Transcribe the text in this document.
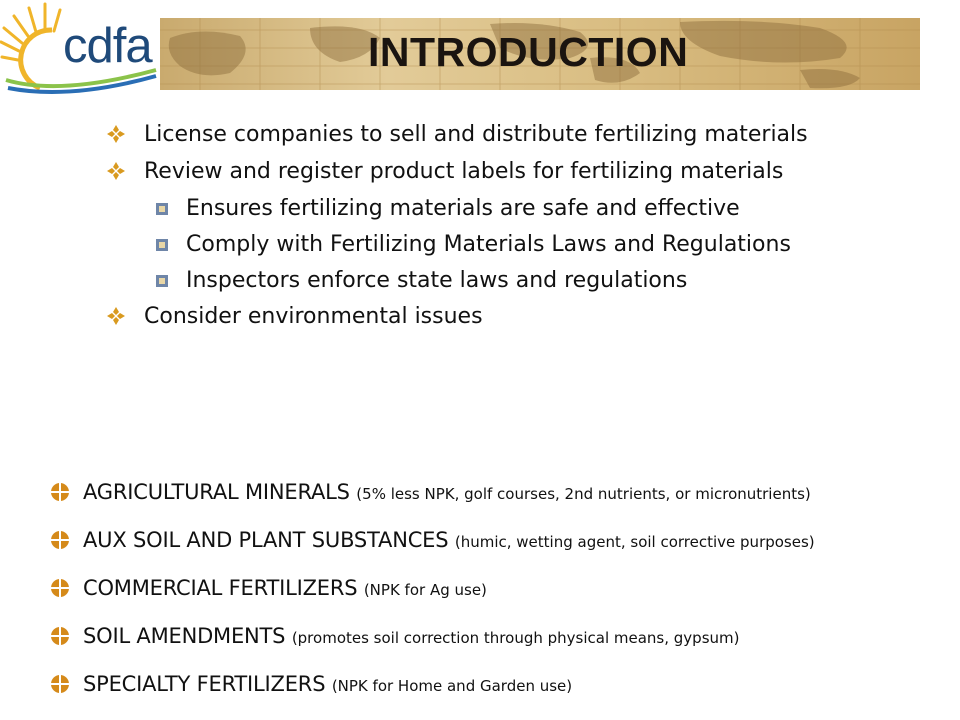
cdfa	INTRODUCTION
License companies to sell and distribute fertilizing materials
Review and register product labels for fertilizing materials
Ensures fertilizing materials are safe and effective
Comply with Fertilizing Materials Laws and Regulations
Inspectors enforce state laws and regulations
Consider environmental issues
AGRICULTURAL MINERALS (5% less NPK, golf courses, 2nd nutrients, or micronutrients)
AUX SOIL AND PLANT SUBSTANCES (humic, wetting agent, soil corrective purposes)
COMMERCIAL FERTILIZERS (NPK for Ag use)
SOIL AMENDMENTS (promotes soil correction through physical means, gypsum)
SPECIALTY FERTILIZERS (NPK for Home and Garden use)
